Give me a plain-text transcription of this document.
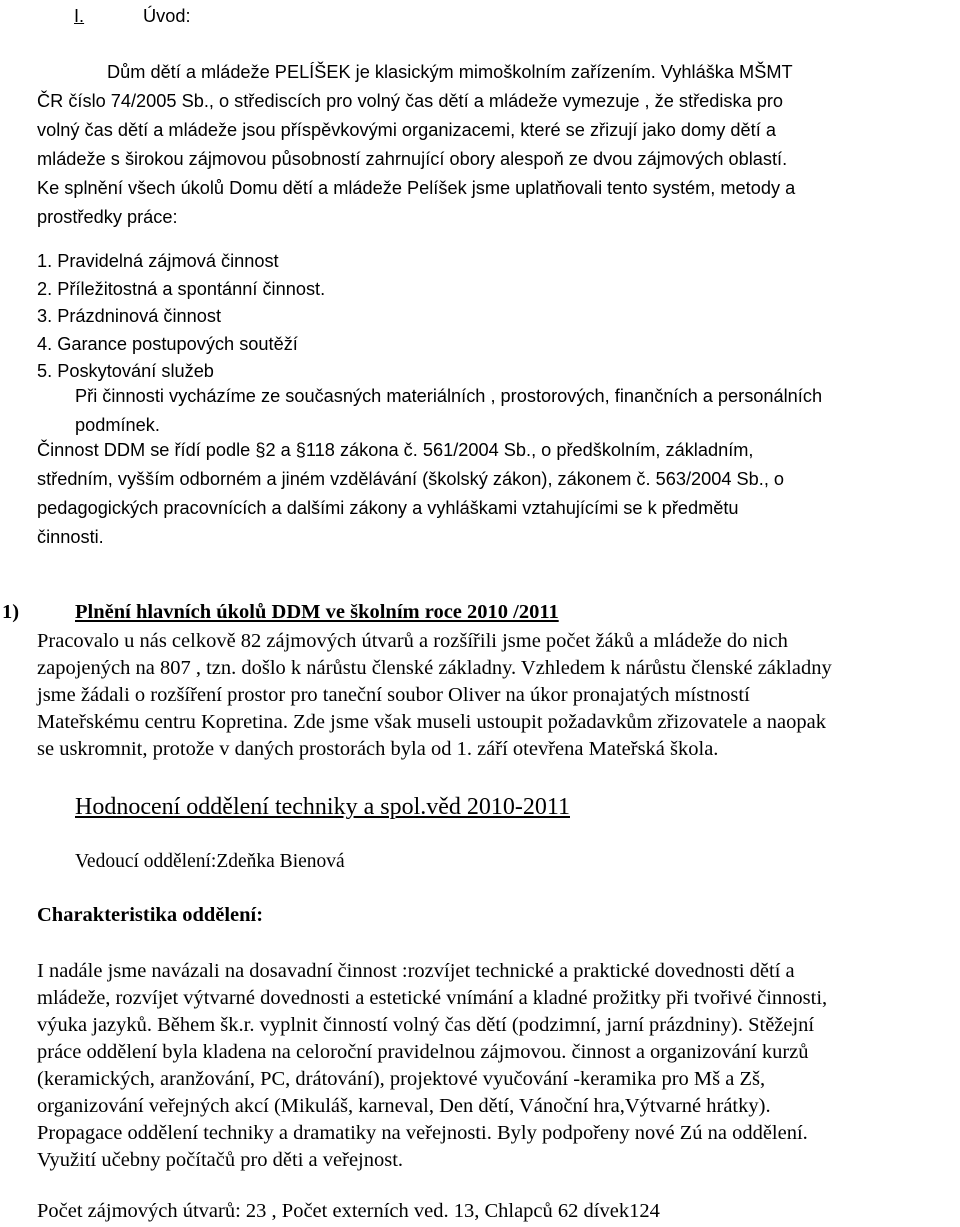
I.	Úvod:
Dům dětí a mládeže PELÍŠEK je klasickým mimoškolním zařízením. Vyhláška MŠMT
ČR číslo 74/2005 Sb., o střediscích pro volný čas dětí a mládeže vymezuje , že střediska pro
volný čas dětí a mládeže jsou příspěvkovými organizacemi, které se zřizují jako domy dětí a
mládeže s širokou zájmovou působností zahrnující obory alespoň ze dvou zájmových oblastí.
Ke splnění všech úkolů Domu dětí a mládeže Pelíšek jsme uplatňovali tento systém, metody a
prostředky práce:
1. Pravidelná zájmová činnost
2. Příležitostná a spontánní činnost.
3. Prázdninová činnost
4. Garance postupových soutěží
5. Poskytování služeb
Při činnosti vycházíme ze současných materiálních , prostorových, finančních a personálních
podmínek.
Činnost DDM se řídí podle §2 a §118 zákona č. 561/2004 Sb., o předškolním, základním,
středním, vyšším odborném a jiném vzdělávání (školský zákon), zákonem č. 563/2004 Sb., o
pedagogických pracovnících a dalšími zákony a vyhláškami vztahujícími se k předmětu
činnosti.
1)	Plnění hlavních úkolů DDM ve školním roce 2010 /2011
Pracovalo u nás celkově 82 zájmových útvarů a rozšířili jsme počet žáků a mládeže do nich
zapojených na 807 , tzn. došlo k nárůstu členské základny. Vzhledem k nárůstu členské základny
jsme žádali o rozšíření prostor pro taneční soubor Oliver na úkor pronajatých místností
Mateřskému centru Kopretina. Zde jsme však museli ustoupit požadavkům zřizovatele a naopak
se uskromnit, protože v daných prostorách byla od 1. září otevřena Mateřská škola.
Hodnocení oddělení techniky a spol.věd 2010-2011
Vedoucí oddělení:Zdeňka Bienová
Charakteristika oddělení:
I nadále jsme navázali na dosavadní činnost :rozvíjet technické a praktické dovednosti dětí a
mládeže, rozvíjet výtvarné dovednosti a estetické vnímání a kladné prožitky při tvořivé činnosti,
výuka jazyků. Během šk.r. vyplnit činností volný čas dětí (podzimní, jarní prázdniny). Stěžejní
práce oddělení byla kladena na celoroční pravidelnou zájmovou. činnost a organizování kurzů
(keramických, aranžování, PC, drátování), projektové vyučování -keramika pro Mš a Zš,
organizování veřejných akcí (Mikuláš, karneval, Den dětí, Vánoční hra,Výtvarné hrátky).
Propagace oddělení techniky a dramatiky na veřejnosti. Byly podpořeny nové Zú na oddělení.
Využití učebny počítačů pro děti a veřejnost.
Počet zájmových útvarů: 23 , Počet externích ved. 13, Chlapců 62 dívek124
